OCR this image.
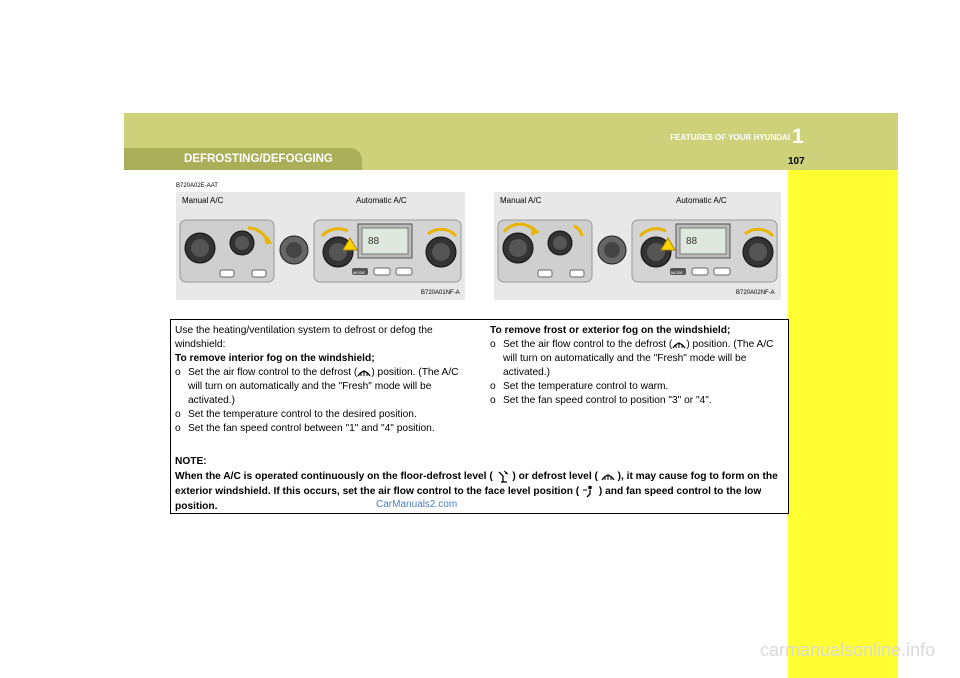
FEATURES OF YOUR HYUNDAI 1
107
DEFROSTING/DEFOGGING
B720A02E-AAT
Manual A/C	Automatic A/C
88
MODE
B720A01NF-A
Manual A/C	Automatic A/C
88
MODE
B720A02NF-A

Use the heating/ventilation system to defrost or defog the windshield:

To remove interior fog on the windshield;

o Set the air flow control to the defrost ( ) position. (The A/C will turn on automatically and the "Fresh" mode will be activated.)
o Set the temperature control to the desired position.
o Set the fan speed control between "1" and "4" position.

To remove frost or exterior fog on the windshield;

o Set the air flow control to the defrost ( ) position. (The A/C will turn on automatically and the "Fresh" mode will be activated.)
o Set the temperature control to warm.
o Set the fan speed control to position "3" or "4".

NOTE:

When the A/C is operated continuously on the floor-defrost level ( ) or defrost level ( ), it may cause fog to form on the exterior windshield. If this occurs, set the air flow control to the face level position ( ) and fan speed control to the low position.	CarManuals2.com
carmanualsonline.info
